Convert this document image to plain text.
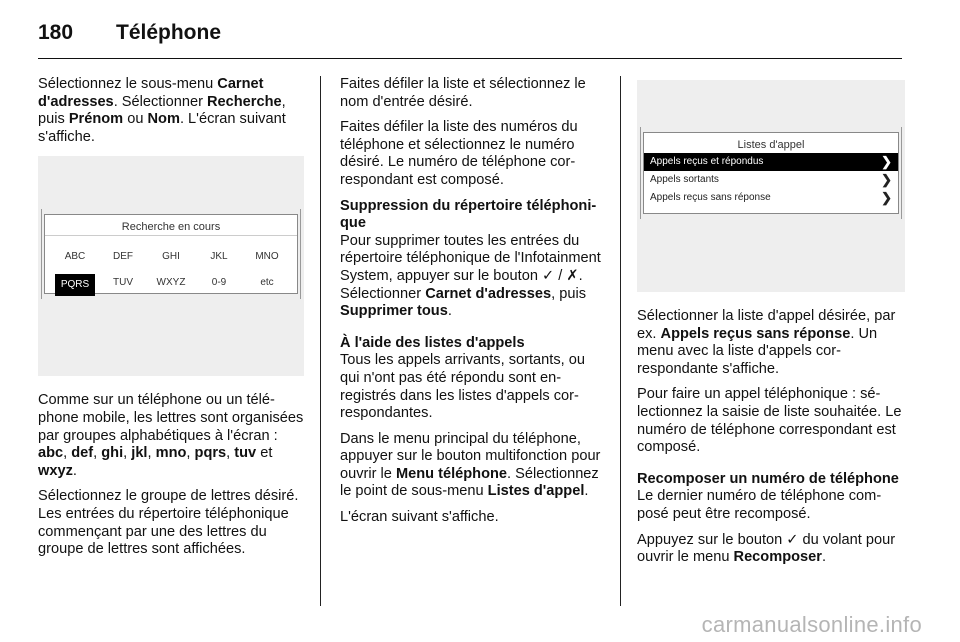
180	Téléphone

Sélectionnez le sous-menu Carnet d'adresses. Sélectionner Recherche, puis Prénom ou Nom. L'écran suivant s'affiche.

Recherche en cours
ABC	DEF	GHI	JKL	MNO
PQRS	TUV	WXYZ	0-9	etc

Comme sur un téléphone ou un téléphone mobile, les lettres sont organisées par groupes alphabétiques à l'écran : abc, def, ghi, jkl, mno, pqrs, tuv et wxyz.

Sélectionnez le groupe de lettres désiré. Les entrées du répertoire téléphonique commençant par une des lettres du groupe de lettres sont affichées.

Faites défiler la liste et sélectionnez le nom d'entrée désiré.

Faites défiler la liste des numéros du téléphone et sélectionnez le numéro désiré. Le numéro de téléphone correspondant est composé.

Suppression du répertoire téléphonique

Pour supprimer toutes les entrées du répertoire téléphonique de l'Infotainment System, appuyer sur le bouton ✓ / ✗. Sélectionner Carnet d'adresses, puis Supprimer tous.

À l'aide des listes d'appels

Tous les appels arrivants, sortants, ou qui n'ont pas été répondu sont enregistrés dans les listes d'appels correspondantes.

Dans le menu principal du téléphone, appuyer sur le bouton multifonction pour ouvrir le Menu téléphone. Sélectionnez le point de sous-menu Listes d'appel.

L'écran suivant s'affiche.

Listes d'appel
Appels reçus et répondus	❯
Appels sortants	❯
Appels reçus sans réponse	❯

Sélectionner la liste d'appel désirée, par ex. Appels reçus sans réponse. Un menu avec la liste d'appels correspondante s'affiche.

Pour faire un appel téléphonique : sélectionnez la saisie de liste souhaitée. Le numéro de téléphone correspondant est composé.

Recomposer un numéro de téléphone

Le dernier numéro de téléphone composé peut être recomposé.

Appuyez sur le bouton ✓ du volant pour ouvrir le menu Recomposer.

carmanualsonline.info
